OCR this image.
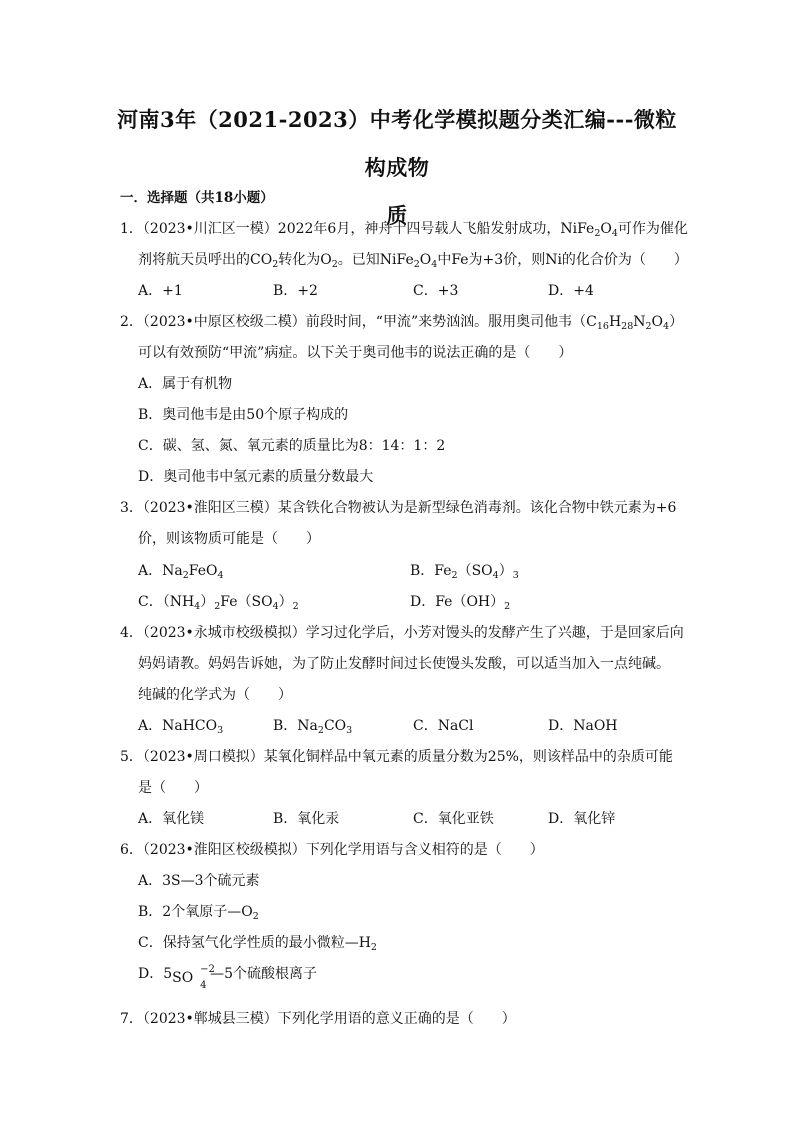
河南3年（2021-2023）中考化学模拟题分类汇编---微粒构成物
质
一．选择题（共18小题）
1．（2023•川汇区一模）2022年6月，神舟十四号载人飞船发射成功，$NiFe_2O_4$可作为催化
剂将航天员呼出的$CO_2$转化为$O_2$。已知$NiFe_2O_4$中Fe为+3价，则Ni的化合价为（　　）
A．+1	B．+2	C．+3	D．+4
2．（2023•中原区校级二模）前段时间，“甲流”来势汹汹。服用奥司他韦$(C_{16}H_{28}N_2O_4)$
可以有效预防“甲流”病症。以下关于奥司他韦的说法正确的是（　　）
A．属于有机物
B．奥司他韦是由50个原子构成的
C．碳、氢、氮、氧元素的质量比为8：14：1：2
D．奥司他韦中氢元素的质量分数最大
3．（2023•淮阳区三模）某含铁化合物被认为是新型绿色消毒剂。该化合物中铁元素为+6
价，则该物质可能是（　　）
A．$Na_2FeO_4$	B．$Fe_2(SO_4)_3$
C．$(NH_4)_2Fe(SO_4)_2$	D．$Fe(OH)_2$
4．（2023•永城市校级模拟）学习过化学后，小芳对馒头的发酵产生了兴趣，于是回家后向
妈妈请教。妈妈告诉她，为了防止发酵时间过长使馒头发酸，可以适当加入一点纯碱。
纯碱的化学式为（　　）
A．NaHCO$_3$	B．$Na_2CO_3$	C．NaCl	D．NaOH
5．（2023•周口模拟）某氧化铜样品中氧元素的质量分数为25%，则该样品中的杂质可能
是（　　）
A．氧化镁	B．氧化汞	C．氧化亚铁	D．氧化锌
6．（2023•淮阳区校级模拟）下列化学用语与含义相符的是（　　）
A．3S—3个硫元素
B．2个氧原子$—O_2$
C．保持氢气化学性质的最小微粒$—H_2$
D．5 SO
−2
4
—5个硫酸根离子
7．（2023•郸城县三模）下列化学用语的意义正确的是（　　）
